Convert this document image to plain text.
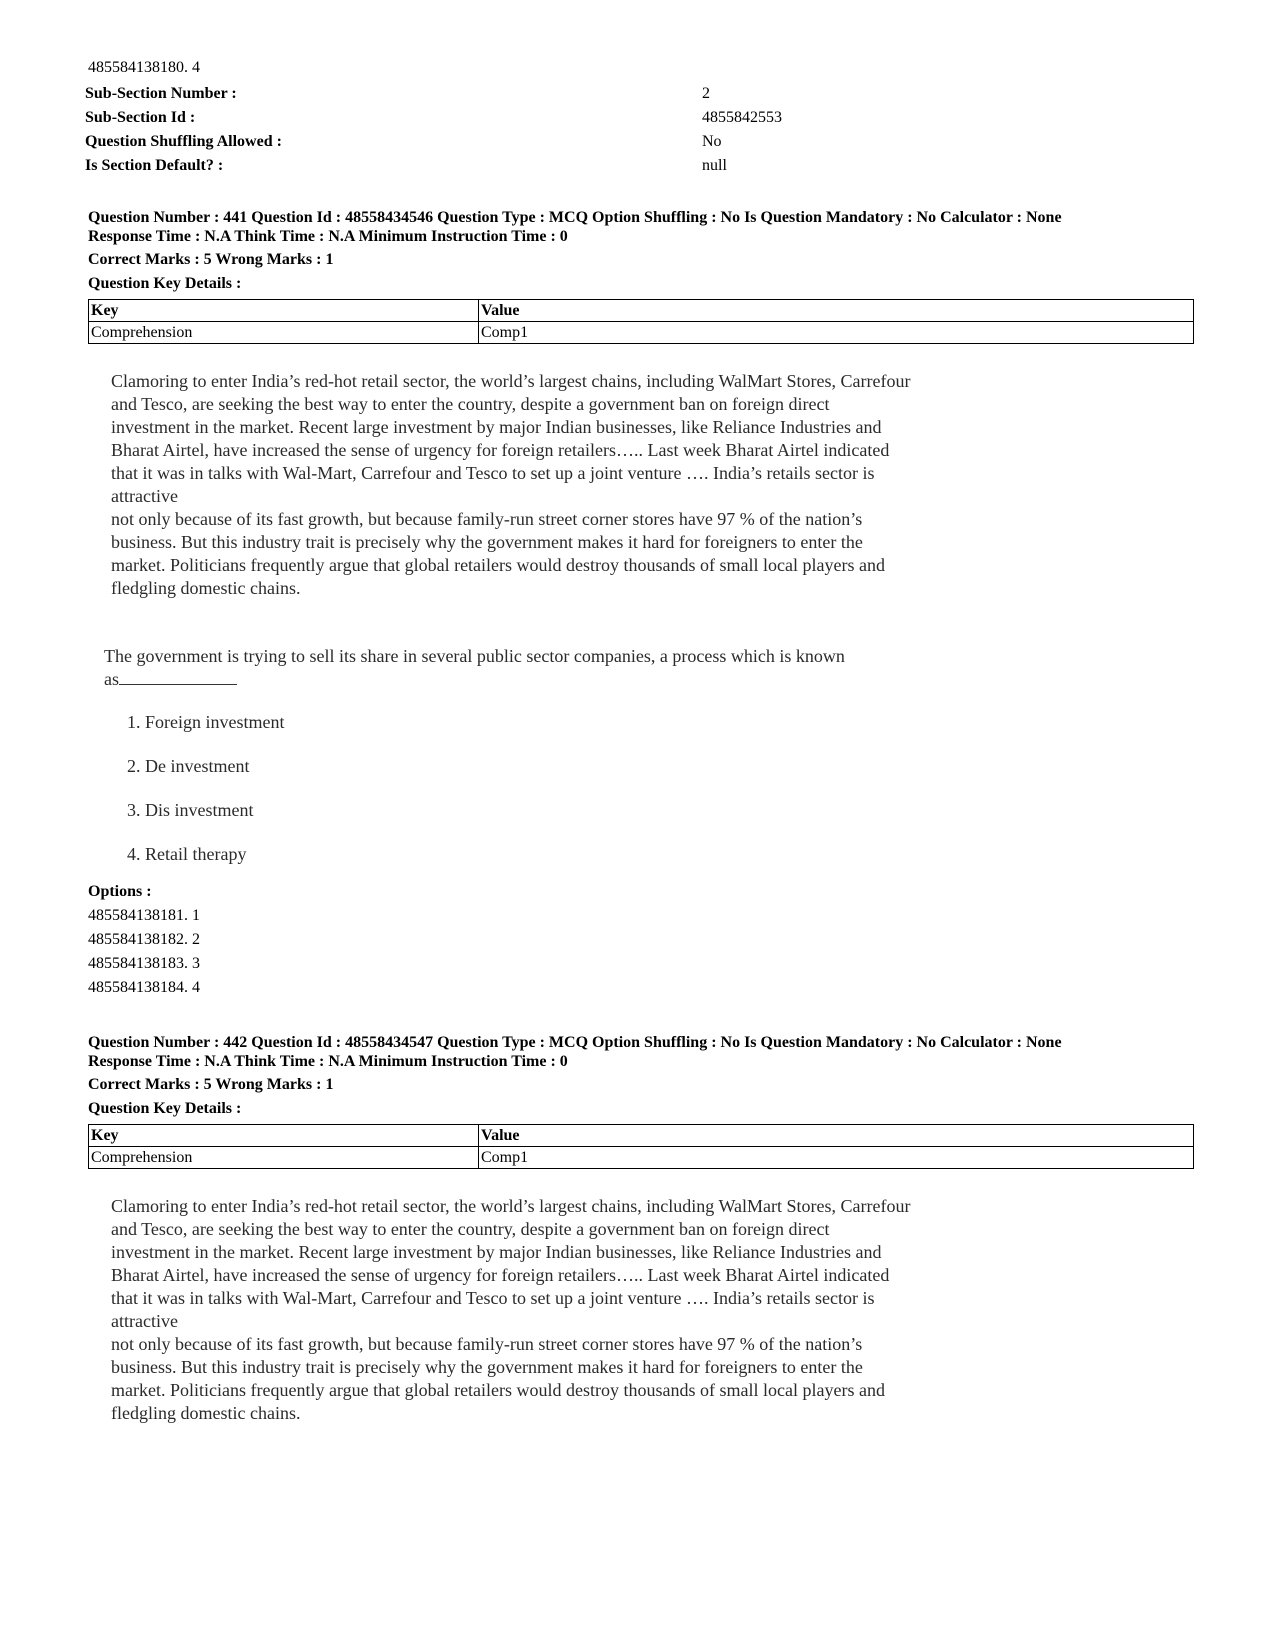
485584138180. 4
Sub-Section Number :	2
Sub-Section Id :	4855842553
Question Shuffling Allowed :	No
Is Section Default? :	null
Question Number : 441 Question Id : 48558434546 Question Type : MCQ Option Shuffling : No Is Question Mandatory : No Calculator : None
Response Time : N.A Think Time : N.A Minimum Instruction Time : 0
Correct Marks : 5 Wrong Marks : 1
Question Key Details :
Key	Value
Comprehension	Comp1

Clamoring to enter India’s red-hot retail sector, the world’s largest chains, including WalMart Stores, Carrefour

and Tesco, are seeking the best way to enter the country, despite a government ban on foreign direct

investment in the market. Recent large investment by major Indian businesses, like Reliance Industries and

Bharat Airtel, have increased the sense of urgency for foreign retailers….. Last week Bharat Airtel indicated

that it was in talks with Wal-Mart, Carrefour and Tesco to set up a joint venture …. India’s retails sector is

attractive

not only because of its fast growth, but because family-run street corner stores have 97 % of the nation’s

business. But this industry trait is precisely why the government makes it hard for foreigners to enter the

market. Politicians frequently argue that global retailers would destroy thousands of small local players and

fledgling domestic chains.

The government is trying to sell its share in several public sector companies, a process which is known
as
1. Foreign investment
2. De investment
3. Dis investment
4. Retail therapy
Options :
485584138181. 1
485584138182. 2
485584138183. 3
485584138184. 4
Question Number : 442 Question Id : 48558434547 Question Type : MCQ Option Shuffling : No Is Question Mandatory : No Calculator : None
Response Time : N.A Think Time : N.A Minimum Instruction Time : 0
Correct Marks : 5 Wrong Marks : 1
Question Key Details :
Key	Value
Comprehension	Comp1

Clamoring to enter India’s red-hot retail sector, the world’s largest chains, including WalMart Stores, Carrefour

and Tesco, are seeking the best way to enter the country, despite a government ban on foreign direct

investment in the market. Recent large investment by major Indian businesses, like Reliance Industries and

Bharat Airtel, have increased the sense of urgency for foreign retailers….. Last week Bharat Airtel indicated

that it was in talks with Wal-Mart, Carrefour and Tesco to set up a joint venture …. India’s retails sector is

attractive

not only because of its fast growth, but because family-run street corner stores have 97 % of the nation’s

business. But this industry trait is precisely why the government makes it hard for foreigners to enter the

market. Politicians frequently argue that global retailers would destroy thousands of small local players and

fledgling domestic chains.
